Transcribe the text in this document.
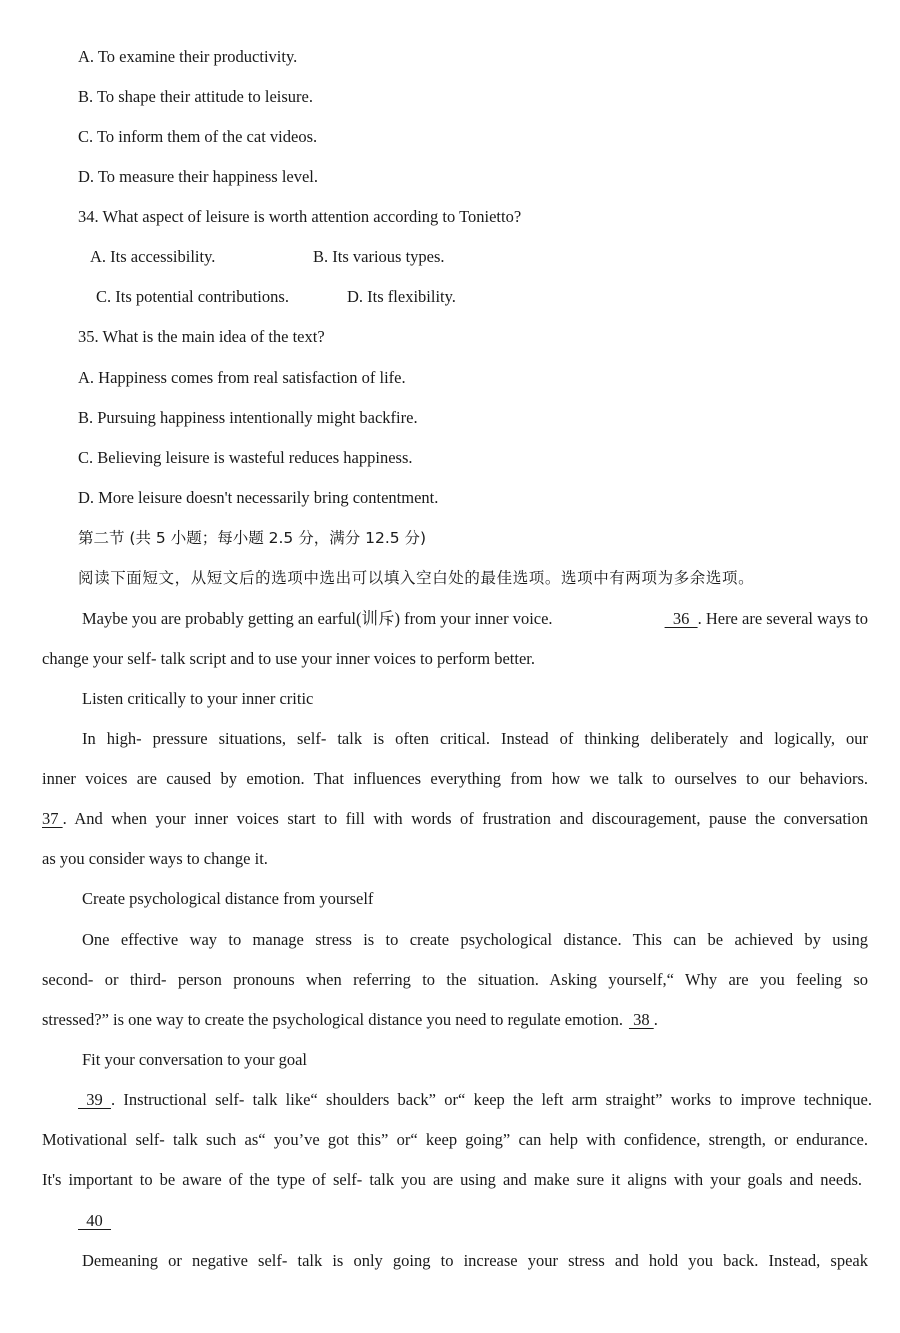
A. To examine their productivity.
B. To shape their attitude to leisure.
C. To inform them of the cat videos.
D. To measure their happiness level.
34. What aspect of leisure is worth attention according to Tonietto?
A. Its accessibility.	B. Its various types.
C. Its potential contributions.	D. Its flexibility.
35. What is the main idea of the text?
A. Happiness comes from real satisfaction of life.
B. Pursuing happiness intentionally might backfire.
C. Believing leisure is wasteful reduces happiness.
D. More leisure doesn't necessarily bring contentment.
第二节 (共 5 小题；每小题 2.5 分，满分 12.5 分)
阅读下面短文，从短文后的选项中选出可以填入空白处的最佳选项。选项中有两项为多余选项。
Maybe you are probably getting an earful(训斥) from your inner voice.	36 . Here are several ways to
change your self- talk script and to use your inner voices to perform better.
Listen critically to your inner critic
In high- pressure situations, self- talk is often critical. Instead of thinking deliberately and logically, our
inner voices are caused by emotion. That influences everything from how we talk to ourselves to our behaviors.
37 . And when your inner voices start to fill with words of frustration and discouragement, pause the conversation
as you consider ways to change it.
Create psychological distance from yourself
One effective way to manage stress is to create psychological distance. This can be achieved by using
second- or third- person pronouns when referring to the situation. Asking yourself,“ Why are you feeling so
stressed?” is one way to create the psychological distance you need to regulate emotion. 38 .
Fit your conversation to your goal
39 . Instructional self- talk like“ shoulders back” or“ keep the left arm straight” works to improve technique.
Motivational self- talk such as“ you’ve got this” or“ keep going” can help with confidence, strength, or endurance.
It's important to be aware of the type of self- talk you are using and make sure it aligns with your goals and needs.
40
Demeaning or negative self- talk is only going to increase your stress and hold you back. Instead, speak
